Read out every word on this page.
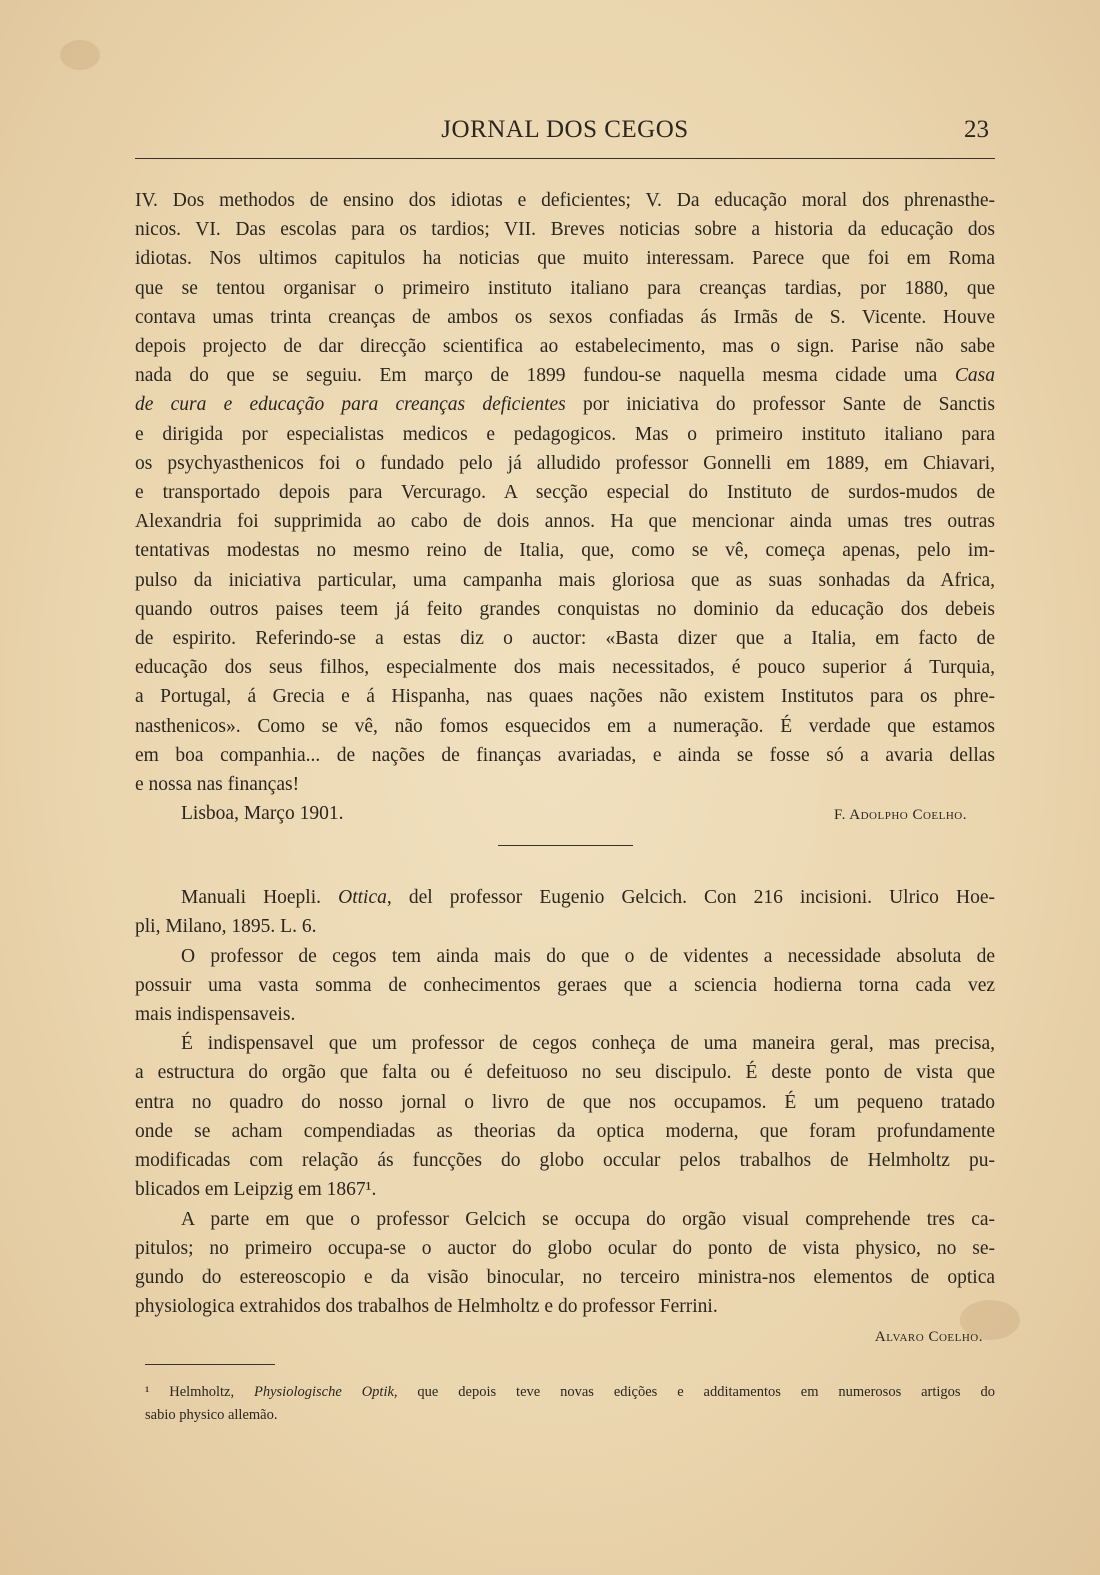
JORNAL DOS CEGOS	23
IV. Dos methodos de ensino dos idiotas e deficientes; V. Da educação moral dos phrenasthe-
nicos. VI. Das escolas para os tardios; VII. Breves noticias sobre a historia da educação dos
idiotas. Nos ultimos capitulos ha noticias que muito interessam. Parece que foi em Roma
que se tentou organisar o primeiro instituto italiano para creanças tardias, por 1880, que
contava umas trinta creanças de ambos os sexos confiadas ás Irmãs de S. Vicente. Houve
depois projecto de dar direcção scientifica ao estabelecimento, mas o sign. Parise não sabe
nada do que se seguiu. Em março de 1899 fundou-se naquella mesma cidade uma Casa
de cura e educação para creanças deficientes por iniciativa do professor Sante de Sanctis
e dirigida por especialistas medicos e pedagogicos. Mas o primeiro instituto italiano para
os psychyasthenicos foi o fundado pelo já alludido professor Gonnelli em 1889, em Chiavari,
e transportado depois para Vercurago. A secção especial do Instituto de surdos-mudos de
Alexandria foi supprimida ao cabo de dois annos. Ha que mencionar ainda umas tres outras
tentativas modestas no mesmo reino de Italia, que, como se vê, começa apenas, pelo im-
pulso da iniciativa particular, uma campanha mais gloriosa que as suas sonhadas da Africa,
quando outros paises teem já feito grandes conquistas no dominio da educação dos debeis
de espirito. Referindo-se a estas diz o auctor: «Basta dizer que a Italia, em facto de
educação dos seus filhos, especialmente dos mais necessitados, é pouco superior á Turquia,
a Portugal, á Grecia e á Hispanha, nas quaes nações não existem Institutos para os phre-
nasthenicos». Como se vê, não fomos esquecidos em a numeração. É verdade que estamos
em boa companhia... de nações de finanças avariadas, e ainda se fosse só a avaria dellas
e nossa nas finanças!
Lisboa, Março 1901.	F. Adolpho Coelho.
Manuali Hoepli. Ottica, del professor Eugenio Gelcich. Con 216 incisioni. Ulrico Hoe-
pli, Milano, 1895. L. 6.
O professor de cegos tem ainda mais do que o de videntes a necessidade absoluta de
possuir uma vasta somma de conhecimentos geraes que a sciencia hodierna torna cada vez
mais indispensaveis.
É indispensavel que um professor de cegos conheça de uma maneira geral, mas precisa,
a estructura do orgão que falta ou é defeituoso no seu discipulo. É deste ponto de vista que
entra no quadro do nosso jornal o livro de que nos occupamos. É um pequeno tratado
onde se acham compendiadas as theorias da optica moderna, que foram profundamente
modificadas com relação ás funcções do globo occular pelos trabalhos de Helmholtz pu-
blicados em Leipzig em 1867¹.
A parte em que o professor Gelcich se occupa do orgão visual comprehende tres ca-
pitulos; no primeiro occupa-se o auctor do globo ocular do ponto de vista physico, no se-
gundo do estereoscopio e da visão binocular, no terceiro ministra-nos elementos de optica
physiologica extrahidos dos trabalhos de Helmholtz e do professor Ferrini.
Alvaro Coelho.
¹ Helmholtz, Physiologische Optik, que depois teve novas edições e additamentos em numerosos artigos do
sabio physico allemão.
